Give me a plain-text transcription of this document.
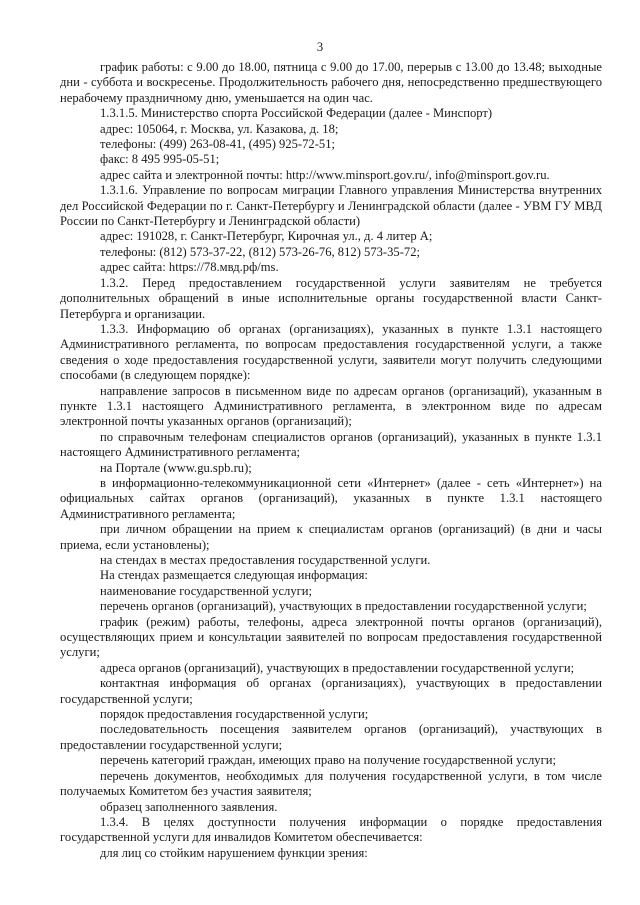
3

график работы: с 9.00 до 18.00, пятница с 9.00 до 17.00, перерыв с 13.00 до 13.48; выходные дни - суббота и воскресенье. Продолжительность рабочего дня, непосредственно предшествующего нерабочему праздничному дню, уменьшается на один час.

1.3.1.5. Министерство спорта Российской Федерации (далее - Минспорт)

адрес: 105064, г. Москва, ул. Казакова, д. 18;

телефоны: (499) 263-08-41, (495) 925-72-51;

факс: 8 495 995-05-51;

адрес сайта и электронной почты: http://www.minsport.gov.ru/, info@minsport.gov.ru.

1.3.1.6. Управление по вопросам миграции Главного управления Министерства внутренних дел Российской Федерации по г. Санкт-Петербургу и Ленинградской области (далее - УВМ ГУ МВД России по Санкт-Петербургу и Ленинградской области)

адрес: 191028, г. Санкт-Петербург, Кирочная ул., д. 4 литер А;

телефоны: (812) 573-37-22, (812) 573-26-76, 812) 573-35-72;

адрес сайта: https://78.мвд.рф/ms.

1.3.2. Перед предоставлением государственной услуги заявителям не требуется дополнительных обращений в иные исполнительные органы государственной власти Санкт-Петербурга и организации.

1.3.3. Информацию об органах (организациях), указанных в пункте 1.3.1 настоящего Административного регламента, по вопросам предоставления государственной услуги, а также сведения о ходе предоставления государственной услуги, заявители могут получить следующими способами (в следующем порядке):

направление запросов в письменном виде по адресам органов (организаций), указанным в пункте 1.3.1 настоящего Административного регламента, в электронном виде по адресам электронной почты указанных органов (организаций);

по справочным телефонам специалистов органов (организаций), указанных в пункте 1.3.1 настоящего Административного регламента;

на Портале (www.gu.spb.ru);

в информационно-телекоммуникационной сети «Интернет» (далее - сеть «Интернет») на официальных сайтах органов (организаций), указанных в пункте 1.3.1 настоящего Административного регламента;

при личном обращении на прием к специалистам органов (организаций) (в дни и часы приема, если установлены);

на стендах в местах предоставления государственной услуги.

На стендах размещается следующая информация:

наименование государственной услуги;

перечень органов (организаций), участвующих в предоставлении государственной услуги;

график (режим) работы, телефоны, адреса электронной почты органов (организаций), осуществляющих прием и консультации заявителей по вопросам предоставления государственной услуги;

адреса органов (организаций), участвующих в предоставлении государственной услуги;

контактная информация об органах (организациях), участвующих в предоставлении государственной услуги;

порядок предоставления государственной услуги;

последовательность посещения заявителем органов (организаций), участвующих в предоставлении государственной услуги;

перечень категорий граждан, имеющих право на получение государственной услуги;

перечень документов, необходимых для получения государственной услуги, в том числе получаемых Комитетом без участия заявителя;

образец заполненного заявления.

1.3.4. В целях доступности получения информации о порядке предоставления государственной услуги для инвалидов Комитетом обеспечивается:

для лиц со стойким нарушением функции зрения:
